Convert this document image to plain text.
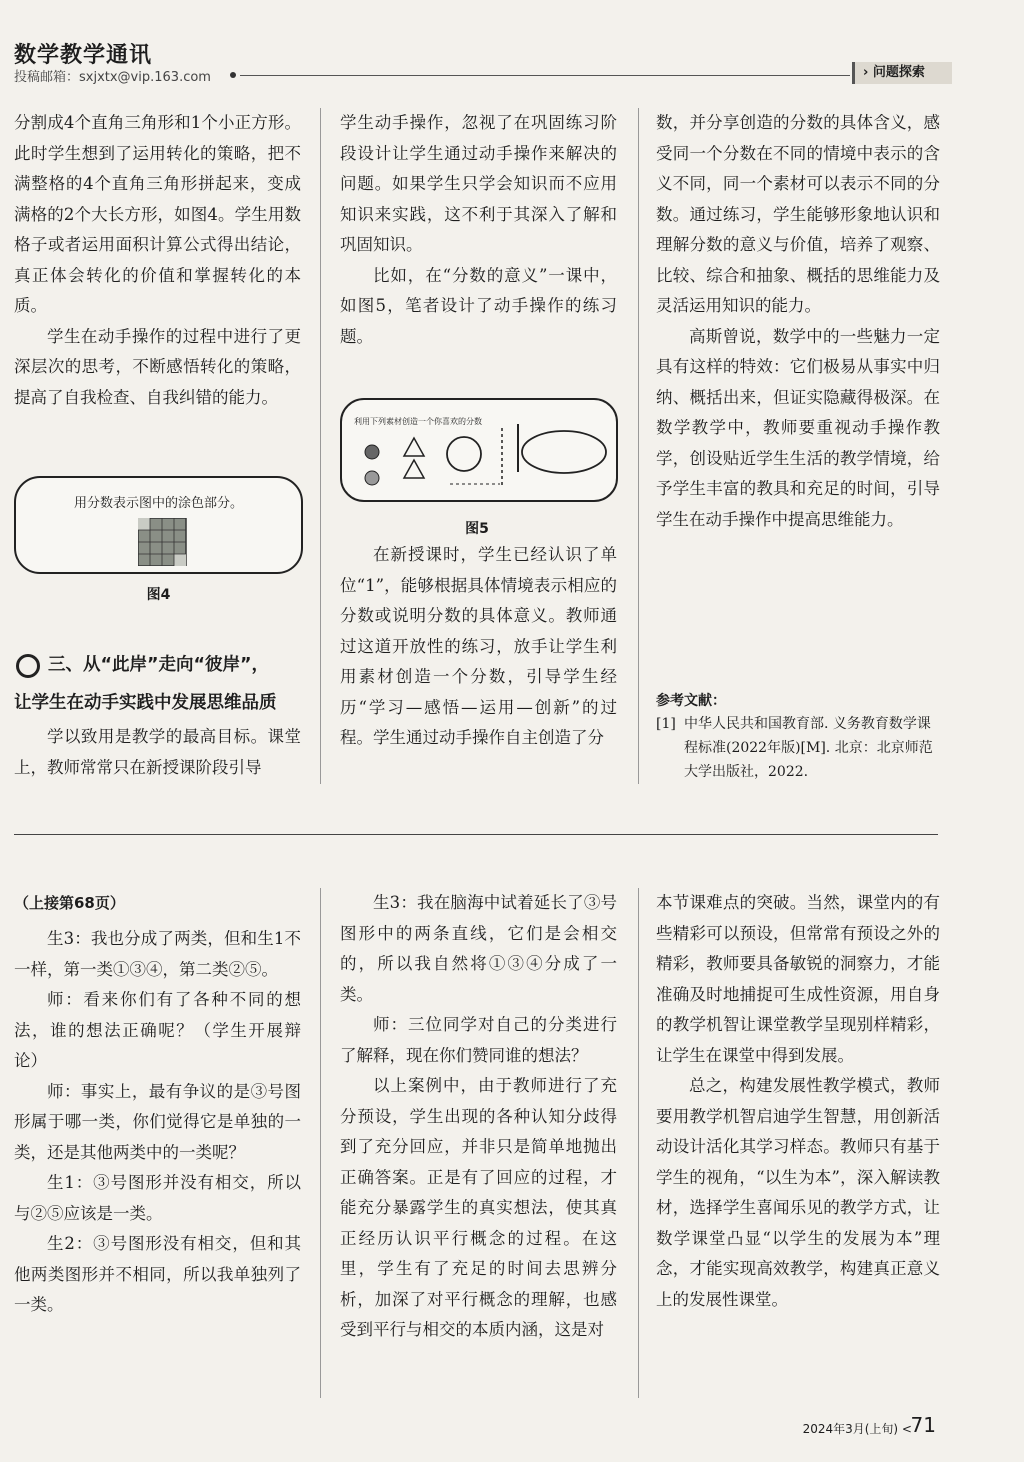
数学教学通讯
投稿邮箱：sxjxtx@vip.163.com	› 问题探索

分割成4个直角三角形和1个小正方形。此时学生想到了运用转化的策略，把不满整格的4个直角三角形拼起来，变成满格的2个大长方形，如图4。学生用数格子或者运用面积计算公式得出结论，真正体会转化的价值和掌握转化的本质。

学生在动手操作的过程中进行了更深层次的思考，不断感悟转化的策略，提高了自我检查、自我纠错的能力。

用分数表示图中的涂色部分。
图4
三、从“此岸”走向“彼岸”，
让学生在动手实践中发展思维品质

学以致用是教学的最高目标。课堂上，教师常常只在新授课阶段引导

学生动手操作，忽视了在巩固练习阶段设计让学生通过动手操作来解决的问题。如果学生只学会知识而不应用知识来实践，这不利于其深入了解和巩固知识。

比如，在“分数的意义”一课中，如图5，笔者设计了动手操作的练习题。

利用下列素材创造一个你喜欢的分数
图5

在新授课时，学生已经认识了单位“1”，能够根据具体情境表示相应的分数或说明分数的具体意义。教师通过这道开放性的练习，放手让学生利用素材创造一个分数，引导学生经历“学习—感悟—运用—创新”的过程。学生通过动手操作自主创造了分

数，并分享创造的分数的具体含义，感受同一个分数在不同的情境中表示的含义不同，同一个素材可以表示不同的分数。通过练习，学生能够形象地认识和理解分数的意义与价值，培养了观察、比较、综合和抽象、概括的思维能力及灵活运用知识的能力。

高斯曾说，数学中的一些魅力一定具有这样的特效：它们极易从事实中归纳、概括出来，但证实隐藏得极深。在数学教学中，教师要重视动手操作教学，创设贴近学生生活的教学情境，给予学生丰富的教具和充足的时间，引导学生在动手操作中提高思维能力。

参考文献：
[1] 中华人民共和国教育部. 义务教育数学课程标准(2022年版)[M]. 北京：北京师范大学出版社，2022.
（上接第68页）

生3：我也分成了两类，但和生1不一样，第一类①③④，第二类②⑤。

师：看来你们有了各种不同的想法，谁的想法正确呢？（学生开展辩论）

师：事实上，最有争议的是③号图形属于哪一类，你们觉得它是单独的一类，还是其他两类中的一类呢？

生1：③号图形并没有相交，所以与②⑤应该是一类。

生2：③号图形没有相交，但和其他两类图形并不相同，所以我单独列了一类。

生3：我在脑海中试着延长了③号图形中的两条直线，它们是会相交的，所以我自然将①③④分成了一类。

师：三位同学对自己的分类进行了解释，现在你们赞同谁的想法？

以上案例中，由于教师进行了充分预设，学生出现的各种认知分歧得到了充分回应，并非只是简单地抛出正确答案。正是有了回应的过程，才能充分暴露学生的真实想法，使其真正经历认识平行概念的过程。在这里，学生有了充足的时间去思辨分析，加深了对平行概念的理解，也感受到平行与相交的本质内涵，这是对

本节课难点的突破。当然，课堂内的有些精彩可以预设，但常常有预设之外的精彩，教师要具备敏锐的洞察力，才能准确及时地捕捉可生成性资源，用自身的教学机智让课堂教学呈现别样精彩，让学生在课堂中得到发展。

总之，构建发展性教学模式，教师要用教学机智启迪学生智慧，用创新活动设计活化其学习样态。教师只有基于学生的视角，“以生为本”，深入解读教材，选择学生喜闻乐见的教学方式，让数学课堂凸显“以学生的发展为本”理念，才能实现高效教学，构建真正意义上的发展性课堂。

2024年3月(上旬) <
71
